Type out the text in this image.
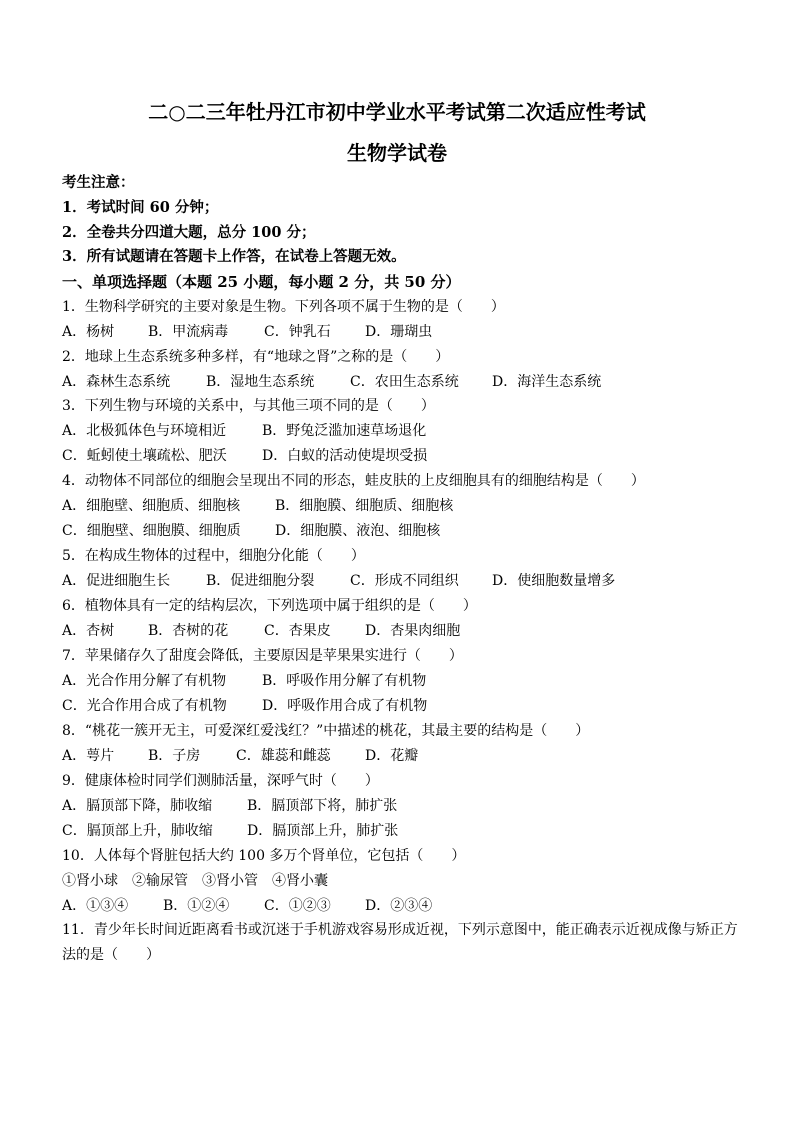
二○二三年牡丹江市初中学业水平考试第二次适应性考试
生物学试卷
考生注意：
1．考试时间 60 分钟；
2．全卷共分四道大题，总分 100 分；
3．所有试题请在答题卡上作答，在试卷上答题无效。
一、单项选择题（本题 25 小题，每小题 2 分，共 50 分）
1．生物科学研究的主要对象是生物。下列各项不属于生物的是（　　）
A．杨树 B．甲流病毒	C．钟乳石 D．珊瑚虫
2．地球上生态系统多种多样，有“地球之肾”之称的是（　　）
A．森林生态系统	B．湿地生态系统	C．农田生态系统 D．海洋生态系统
3．下列生物与环境的关系中，与其他三项不同的是（　　）
A．北极狐体色与环境相近	B．野兔泛滥加速草场退化
C．蚯蚓使土壤疏松、肥沃	D．白蚁的活动使堤坝受损
4．动物体不同部位的细胞会呈现出不同的形态，蛙皮肤的上皮细胞具有的细胞结构是（　　）
A．细胞壁、细胞质、细胞核 B．细胞膜、细胞质、细胞核
C．细胞壁、细胞膜、细胞质 D．细胞膜、液泡、细胞核
5．在构成生物体的过程中，细胞分化能（　　）
A．促进细胞生长	B．促进细胞分裂	C．形成不同组织 D．使细胞数量增多
6．植物体具有一定的结构层次，下列选项中属于组织的是（　　）
A．杏树 B．杏树的花	C．杏果皮 D．杏果肉细胞
7．苹果储存久了甜度会降低，主要原因是苹果果实进行（　　）
A．光合作用分解了有机物	B．呼吸作用分解了有机物
C．光合作用合成了有机物	D．呼吸作用合成了有机物
8．“桃花一簇开无主，可爱深红爱浅红？”中描述的桃花，其最主要的结构是（　　）
A．萼片 B．子房	C．雄蕊和雌蕊 D．花瓣
9．健康体检时同学们测肺活量，深呼气时（　　）
A．膈顶部下降，肺收缩 B．膈顶部下将，肺扩张
C．膈顶部上升，肺收缩 D．膈顶部上升，肺扩张
10．人体每个肾脏包括大约 100 多万个肾单位，它包括（　　）
①肾小球　②输尿管　③肾小管　④肾小囊
A．①③④ B．①②④ C．①②③ D．②③④
11．青少年长时间近距离看书或沉迷于手机游戏容易形成近视，下列示意图中，能正确表示近视成像与矫正方法的是（　　）
